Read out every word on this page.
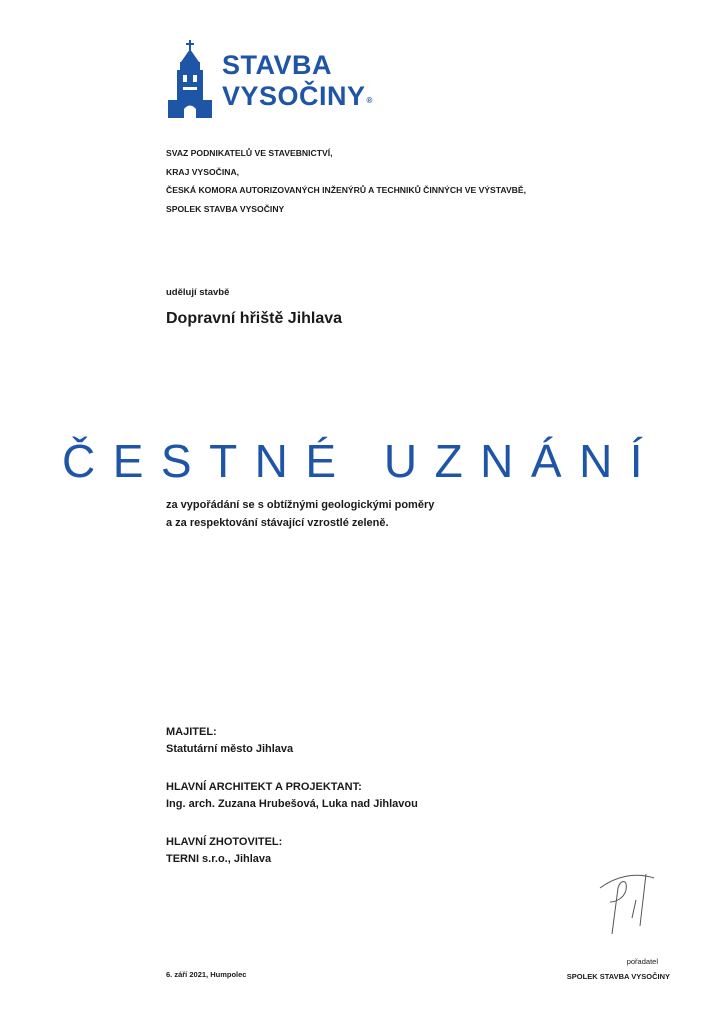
STAVBA
VYSOČINY®
SVAZ PODNIKATELŮ VE STAVEBNICTVÍ,
KRAJ VYSOČINA,
ČESKÁ KOMORA AUTORIZOVANÝCH INŽENÝRŮ A TECHNIKŮ ČINNÝCH VE VÝSTAVBĚ,
SPOLEK STAVBA VYSOČINY
udělují stavbě
Dopravní hřiště Jihlava
ČESTNÉ UZNÁNÍ
za vypořádání se s obtížnými geologickými poměry
a za respektování stávající vzrostlé zeleně.
MAJITEL:
Statutární město Jihlava
HLAVNÍ ARCHITEKT A PROJEKTANT:
Ing. arch. Zuzana Hrubešová, Luka nad Jihlavou
HLAVNÍ ZHOTOVITEL:
TERNI s.r.o., Jihlava
6. září 2021, Humpolec
pořadatel
SPOLEK STAVBA VYSOČINY
